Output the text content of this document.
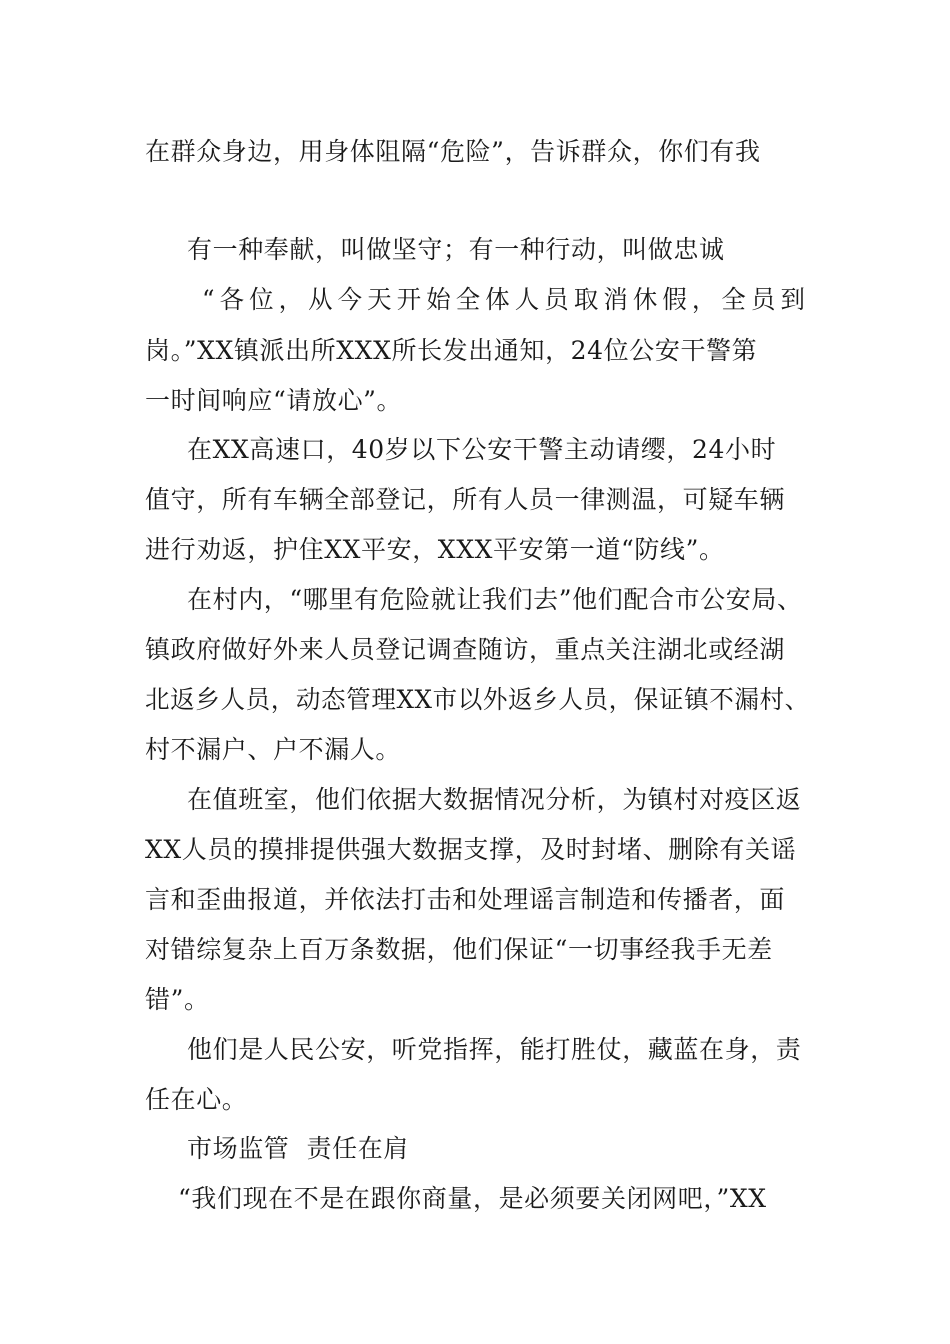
在群众身边，用身体阻隔“危险”，告诉群众，你们有我
有一种奉献，叫做坚守；有一种行动，叫做忠诚
“各位，从今天开始全体人员取消休假，全员到
岗。”XX镇派出所XXX所长发出通知，24位公安干警第
一时间响应“请放心”。
在XX高速口，40岁以下公安干警主动请缨，24小时
值守，所有车辆全部登记，所有人员一律测温，可疑车辆
进行劝返，护住XX平安，XXX平安第一道“防线”。
在村内，“哪里有危险就让我们去”他们配合市公安局、
镇政府做好外来人员登记调查随访，重点关注湖北或经湖
北返乡人员，动态管理XX市以外返乡人员，保证镇不漏村、
村不漏户、户不漏人。
在值班室，他们依据大数据情况分析，为镇村对疫区返
XX人员的摸排提供强大数据支撑，及时封堵、删除有关谣
言和歪曲报道，并依法打击和处理谣言制造和传播者，面
对错综复杂上百万条数据，他们保证“一切事经我手无差
错”。
他们是人民公安，听党指挥，能打胜仗，藏蓝在身，责
任在心。
市场监管  责任在肩
“我们现在不是在跟你商量，是必须要关闭网吧，”XX
